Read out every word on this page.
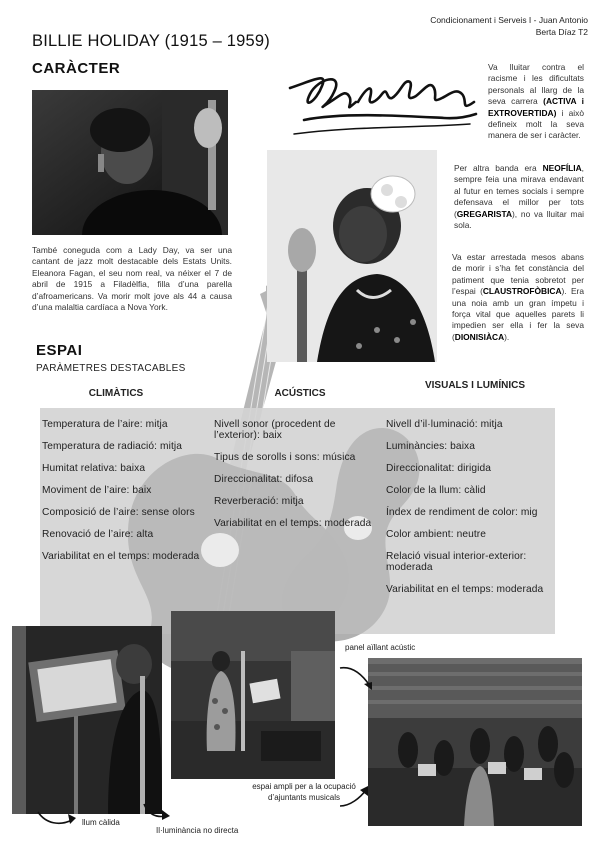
Condicionament i Serveis I - Juan Antonio
Berta Díaz T2
BILLIE HOLIDAY (1915 – 1959)
CARÀCTER
També coneguda com a Lady Day, va ser una cantant de jazz molt destacable dels Estats Units. Eleanora Fagan, el seu nom real, va néixer el 7 de abril de 1915 a Filadèlfia, filla d’una parella d’afroamericans. Va morir molt jove als 44 a causa d’una malaltia cardíaca a Nova York.
Va lluitar contra el racisme i les dificultats personals al llarg de la seva carrera (ACTIVA i EXTROVERTIDA) i això defineix molt la seva manera de ser i caràcter.
Per altra banda era NEOFÍLIA, sempre feia una mirava endavant al futur en temes socials i sempre defensava el millor per tots (GREGARISTA), no va lluitar mai sola.
Va estar arrestada mesos abans de morir i s’ha fet constància del patiment que tenia sobretot per l’espai (CLAUSTROFÒBICA). Era una noia amb un gran ímpetu i força vital que aquelles parets li impedien ser ella i fer la seva (DIONISIÀCA).
ESPAI
PARÀMETRES DESTACABLES
CLIMÀTICS	ACÚSTICS
VISUALS I LUMÍNICS
Temperatura de l’aire: mitja
Temperatura de radiació: mitja
Humitat relativa: baixa
Moviment de l’aire: baix
Composició de l’aire: sense olors
Renovació de l’aire: alta
Variabilitat en el temps: moderada
Nivell sonor (procedent de l’exterior): baix
Tipus de sorolls i sons: música
Direccionalitat: difosa
Reverberació: mitja
Variabilitat en el temps: moderada
Nivell d’il·luminació: mitja
Luminàncies: baixa
Direccionalitat: dirigida
Color de la llum: càlid
Índex de rendiment de color: mig
Color ambient: neutre
Relació visual interior-exterior: moderada
Variabilitat en el temps: moderada
panel aïllant acústic
espai ampli per a la ocupació d’ajuntants musicals
llum càlida
Il·luminància no directa
